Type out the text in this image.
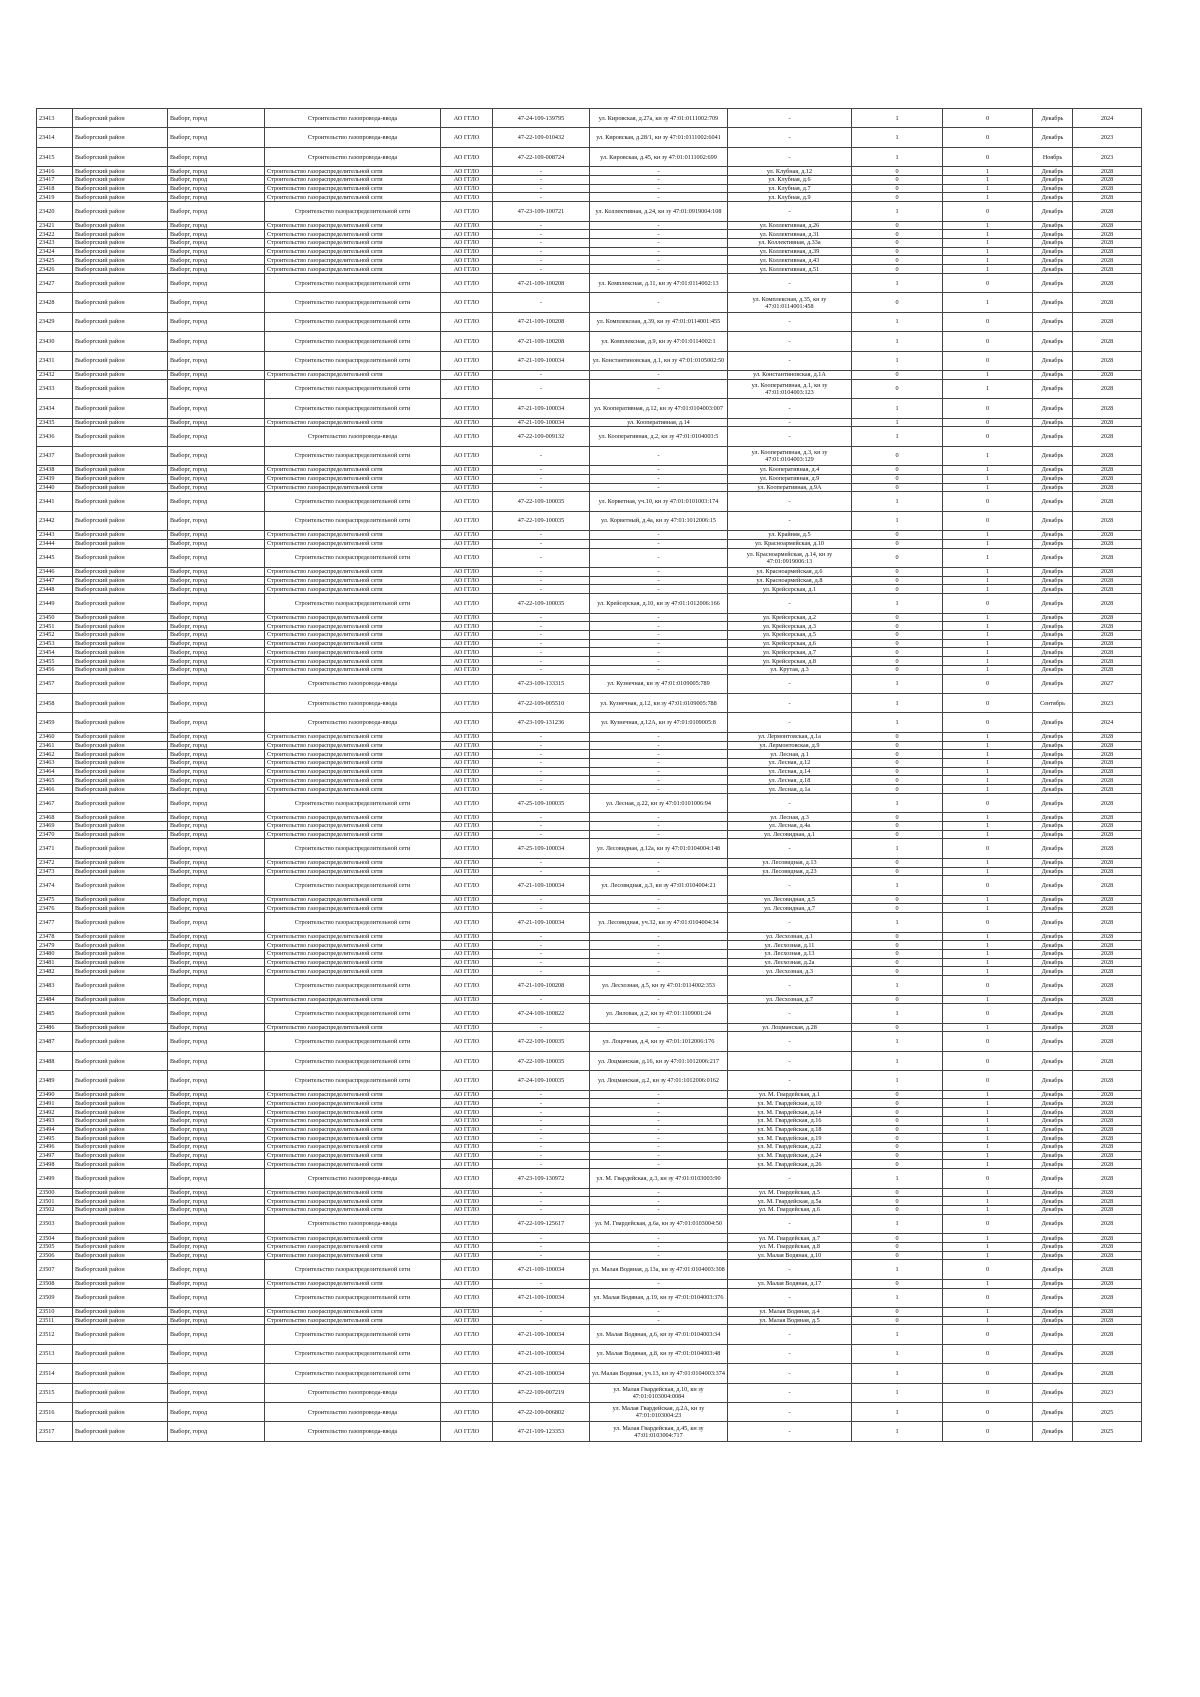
23413	Выборгский район	Выборг, город	Строительство газопровода-ввода	АО ГГЛО	47-24-109-139795	ул. Кировская, д.27а, кн зу 47:01:0111002:709	-	1	0	Декабрь	2024
23414	Выборгский район	Выборг, город	Строительство газопровода-ввода	АО ГГЛО	47-22-109-010432	ул. Кировская, д.28/1, кн зу 47:01:0111002:6041	-	1	0	Декабрь	2023
23415	Выборгский район	Выборг, город	Строительство газопровода-ввода	АО ГГЛО	47-22-109-008724	ул. Кировская, д.45, кн зу 47:01:0111002:699	-	1	0	Ноябрь	2023
23416	Выборгский район	Выборг, город	Строительство газораспределительной сети	АО ГГЛО	-	-	ул. Клубная, д.12	0	1	Декабрь	2028
23417	Выборгский район	Выборг, город	Строительство газораспределительной сети	АО ГГЛО	-	-	ул. Клубная, д.6	0	1	Декабрь	2028
23418	Выборгский район	Выборг, город	Строительство газораспределительной сети	АО ГГЛО	-	-	ул. Клубная, д.7	0	1	Декабрь	2028
23419	Выборгский район	Выборг, город	Строительство газораспределительной сети	АО ГГЛО	-	-	ул. Клубная, д.9	0	1	Декабрь	2028
23420	Выборгский район	Выборг, город	Строительство газораспределительной сети	АО ГГЛО	47-23-109-100721	ул. Коллективная, д.24, кн зу 47:01:0919004:108	-	1	0	Декабрь	2028
23421	Выборгский район	Выборг, город	Строительство газораспределительной сети	АО ГГЛО	-	-	ул. Коллективная, д.26	0	1	Декабрь	2028
23422	Выборгский район	Выборг, город	Строительство газораспределительной сети	АО ГГЛО	-	-	ул. Коллективная, д.31	0	1	Декабрь	2028
23423	Выборгский район	Выборг, город	Строительство газораспределительной сети	АО ГГЛО	-	-	ул. Коллективная, д.33а	0	1	Декабрь	2028
23424	Выборгский район	Выборг, город	Строительство газораспределительной сети	АО ГГЛО	-	-	ул. Коллективная, д.39	0	1	Декабрь	2028
23425	Выборгский район	Выборг, город	Строительство газораспределительной сети	АО ГГЛО	-	-	ул. Коллективная, д.43	0	1	Декабрь	2028
23426	Выборгский район	Выборг, город	Строительство газораспределительной сети	АО ГГЛО	-	-	ул. Коллективная, д.51	0	1	Декабрь	2028
23427	Выборгский район	Выборг, город	Строительство газораспределительной сети	АО ГГЛО	47-21-109-100208	ул. Комплексная, д.11, кн зу 47:01:0114002:13	-	1	0	Декабрь	2028
23428	Выборгский район	Выборг, город	Строительство газораспределительной сети	АО ГГЛО	-	-	ул. Комплексная, д.35, кн зу 47:01:0114001:458	0	1	Декабрь	2028
23429	Выборгский район	Выборг, город	Строительство газораспределительной сети	АО ГГЛО	47-21-109-100208	ул. Комплексная, д.39, кн зу 47:01:0114001:455	-	1	0	Декабрь	2028
23430	Выборгский район	Выборг, город	Строительство газораспределительной сети	АО ГГЛО	47-21-109-100208	ул. Комплексная, д.9, кн зу 47:01:0114002:1	-	1	0	Декабрь	2028
23431	Выборгский район	Выборг, город	Строительство газораспределительной сети	АО ГГЛО	47-21-109-100034	ул. Константиновская, д.1, кн зу 47:01:0105002:50	-	1	0	Декабрь	2028
23432	Выборгский район	Выборг, город	Строительство газораспределительной сети	АО ГГЛО	-	-	ул. Константиновская, д.1А	0	1	Декабрь	2028
23433	Выборгский район	Выборг, город	Строительство газораспределительной сети	АО ГГЛО	-	-	ул. Кооперативная, д.1, кн зу 47:01:0104003:123	0	1	Декабрь	2028
23434	Выборгский район	Выборг, город	Строительство газораспределительной сети	АО ГГЛО	47-21-109-100034	ул. Кооперативная, д.12, кн зу 47:01:0104003:007	-	1	0	Декабрь	2028
23435	Выборгский район	Выборг, город	Строительство газораспределительной сети	АО ГГЛО	47-21-109-100034	ул. Кооперативная, д.14	-	1	0	Декабрь	2028
23436	Выборгский район	Выборг, город	Строительство газопровода-ввода	АО ГГЛО	47-22-109-009132	ул. Кооперативная, д.2, кн зу 47:01:0104003:5	-	1	0	Декабрь	2028
23437	Выборгский район	Выборг, город	Строительство газораспределительной сети	АО ГГЛО	-	-	ул. Кооперативная, д.3, кн зу 47:01:0104003:129	0	1	Декабрь	2028
23438	Выборгский район	Выборг, город	Строительство газораспределительной сети	АО ГГЛО	-	-	ул. Кооперативная, д.4	0	1	Декабрь	2028
23439	Выборгский район	Выборг, город	Строительство газораспределительной сети	АО ГГЛО	-	-	ул. Кооперативная, д.9	0	1	Декабрь	2028
23440	Выборгский район	Выборг, город	Строительство газораспределительной сети	АО ГГЛО	-	-	ул. Кооперативная, д.9А	0	1	Декабрь	2028
23441	Выборгский район	Выборг, город	Строительство газораспределительной сети	АО ГГЛО	47-22-109-100035	ул. Корветная, уч.10, кн зу 47:01:0101003:174	-	1	0	Декабрь	2028
23442	Выборгский район	Выборг, город	Строительство газораспределительной сети	АО ГГЛО	47-22-109-100035	ул. Корветный, д.4а, кн зу 47:01:1012006:15	-	1	0	Декабрь	2028
23443	Выборгский район	Выборг, город	Строительство газораспределительной сети	АО ГГЛО	-	-	ул. Крайняя, д.5	0	1	Декабрь	2028
23444	Выборгский район	Выборг, город	Строительство газораспределительной сети	АО ГГЛО	-	-	ул. Красноармейская, д.10	0	1	Декабрь	2028
23445	Выборгский район	Выборг, город	Строительство газораспределительной сети	АО ГГЛО	-	-	ул. Красноармейская, д.14, кн зу 47:01:0919006:13	0	1	Декабрь	2028
23446	Выборгский район	Выборг, город	Строительство газораспределительной сети	АО ГГЛО	-	-	ул. Красноармейская, д.6	0	1	Декабрь	2028
23447	Выборгский район	Выборг, город	Строительство газораспределительной сети	АО ГГЛО	-	-	ул. Красноармейская, д.8	0	1	Декабрь	2028
23448	Выборгский район	Выборг, город	Строительство газораспределительной сети	АО ГГЛО	-	-	ул. Крейсерская, д.1	0	1	Декабрь	2028
23449	Выборгский район	Выборг, город	Строительство газораспределительной сети	АО ГГЛО	47-22-109-100035	ул. Крейсерская, д.10, кн зу 47:01:1012006:166	-	1	0	Декабрь	2028
23450	Выборгский район	Выборг, город	Строительство газораспределительной сети	АО ГГЛО	-	-	ул. Крейсерская, д.2	0	1	Декабрь	2028
23451	Выборгский район	Выборг, город	Строительство газораспределительной сети	АО ГГЛО	-	-	ул. Крейсерская, д.3	0	1	Декабрь	2028
23452	Выборгский район	Выборг, город	Строительство газораспределительной сети	АО ГГЛО	-	-	ул. Крейсерская, д.5	0	1	Декабрь	2028
23453	Выборгский район	Выборг, город	Строительство газораспределительной сети	АО ГГЛО	-	-	ул. Крейсерская, д.6	0	1	Декабрь	2028
23454	Выборгский район	Выборг, город	Строительство газораспределительной сети	АО ГГЛО	-	-	ул. Крейсерская, д.7	0	1	Декабрь	2028
23455	Выборгский район	Выборг, город	Строительство газораспределительной сети	АО ГГЛО	-	-	ул. Крейсерская, д.8	0	1	Декабрь	2028
23456	Выборгский район	Выборг, город	Строительство газораспределительной сети	АО ГГЛО	-	-	ул. Крутая, д.3	0	1	Декабрь	2028
23457	Выборгский район	Выборг, город	Строительство газопровода-ввода	АО ГГЛО	47-23-109-133315	ул. Кузнечная, кн зу 47:01:0109005:789	-	1	0	Декабрь	2027
23458	Выборгский район	Выборг, город	Строительство газопровода-ввода	АО ГГЛО	47-22-109-005510	ул. Кузнечная, д.12, кн зу 47:01:0109005:788	-	1	0	Сентябрь	2023
23459	Выборгский район	Выборг, город	Строительство газопровода-ввода	АО ГГЛО	47-23-109-131236	ул. Кузнечная, д.12А, кн зу 47:01:0109005:8	-	1	0	Декабрь	2024
23460	Выборгский район	Выборг, город	Строительство газораспределительной сети	АО ГГЛО	-	-	ул. Лермонтовская, д.1а	0	1	Декабрь	2028
23461	Выборгский район	Выборг, город	Строительство газораспределительной сети	АО ГГЛО	-	-	ул. Лермонтовская, д.9	0	1	Декабрь	2028
23462	Выборгский район	Выборг, город	Строительство газораспределительной сети	АО ГГЛО	-	-	ул. Лесная, д.1	0	1	Декабрь	2028
23463	Выборгский район	Выборг, город	Строительство газораспределительной сети	АО ГГЛО	-	-	ул. Лесная, д.12	0	1	Декабрь	2028
23464	Выборгский район	Выборг, город	Строительство газораспределительной сети	АО ГГЛО	-	-	ул. Лесная, д.14	0	1	Декабрь	2028
23465	Выборгский район	Выборг, город	Строительство газораспределительной сети	АО ГГЛО	-	-	ул. Лесная, д.18	0	1	Декабрь	2028
23466	Выборгский район	Выборг, город	Строительство газораспределительной сети	АО ГГЛО	-	-	ул. Лесная, д.1а	0	1	Декабрь	2028
23467	Выборгский район	Выборг, город	Строительство газораспределительной сети	АО ГГЛО	47-25-109-100035	ул. Лесная, д.22, кн зу 47:01:0101006:94	-	1	0	Декабрь	2028
23468	Выборгский район	Выборг, город	Строительство газораспределительной сети	АО ГГЛО	-	-	ул. Лесная, д.3	0	1	Декабрь	2028
23469	Выборгский район	Выборг, город	Строительство газораспределительной сети	АО ГГЛО	-	-	ул. Лесная, д.4а	0	1	Декабрь	2028
23470	Выборгский район	Выборг, город	Строительство газораспределительной сети	АО ГГЛО	-	-	ул. Лесовидная, д.1	0	1	Декабрь	2028
23471	Выборгский район	Выборг, город	Строительство газораспределительной сети	АО ГГЛО	47-25-109-100034	ул. Лесовидная, д.12а, кн зу 47:01:0104004:148	-	1	0	Декабрь	2028
23472	Выборгский район	Выборг, город	Строительство газораспределительной сети	АО ГГЛО	-	-	ул. Лесовидная, д.13	0	1	Декабрь	2028
23473	Выборгский район	Выборг, город	Строительство газораспределительной сети	АО ГГЛО	-	-	ул. Лесовидная, д.23	0	1	Декабрь	2028
23474	Выборгский район	Выборг, город	Строительство газораспределительной сети	АО ГГЛО	47-21-109-100034	ул. Лесовидная, д.3, кн зу 47:01:0104004:21	-	1	0	Декабрь	2028
23475	Выборгский район	Выборг, город	Строительство газораспределительной сети	АО ГГЛО	-	-	ул. Лесовидная, д.5	0	1	Декабрь	2028
23476	Выборгский район	Выборг, город	Строительство газораспределительной сети	АО ГГЛО	-	-	ул. Лесовидная, д.7	0	1	Декабрь	2028
23477	Выборгский район	Выборг, город	Строительство газораспределительной сети	АО ГГЛО	47-21-109-100034	ул. Лесовидная, уч.32, кн зу 47:01:0104004:34	-	1	0	Декабрь	2028
23478	Выборгский район	Выборг, город	Строительство газораспределительной сети	АО ГГЛО	-	-	ул. Лесхозная, д.1	0	1	Декабрь	2028
23479	Выборгский район	Выборг, город	Строительство газораспределительной сети	АО ГГЛО	-	-	ул. Лесхозная, д.11	0	1	Декабрь	2028
23480	Выборгский район	Выборг, город	Строительство газораспределительной сети	АО ГГЛО	-	-	ул. Лесхозная, д.13	0	1	Декабрь	2028
23481	Выборгский район	Выборг, город	Строительство газораспределительной сети	АО ГГЛО	-	-	ул. Лесхозная, д.2а	0	1	Декабрь	2028
23482	Выборгский район	Выборг, город	Строительство газораспределительной сети	АО ГГЛО	-	-	ул. Лесхозная, д.3	0	1	Декабрь	2028
23483	Выборгский район	Выборг, город	Строительство газораспределительной сети	АО ГГЛО	47-21-109-100208	ул. Лесхозная, д.5, кн зу 47:01:0114002:353	-	1	0	Декабрь	2028
23484	Выборгский район	Выборг, город	Строительство газораспределительной сети	АО ГГЛО	-	-	ул. Лесхозная, д.7	0	1	Декабрь	2028
23485	Выборгский район	Выборг, город	Строительство газораспределительной сети	АО ГГЛО	47-24-109-100822	ул. Лиловая, д.2, кн зу 47:01:1109001:24	-	1	0	Декабрь	2028
23486	Выборгский район	Выборг, город	Строительство газораспределительной сети	АО ГГЛО	-	-	ул. Лоцманская, д.28	0	1	Декабрь	2028
23487	Выборгский район	Выборг, город	Строительство газораспределительной сети	АО ГГЛО	47-22-109-100035	ул. Лоцочная, д.4, кн зу 47:01:1012006:176	-	1	0	Декабрь	2028
23488	Выборгский район	Выборг, город	Строительство газораспределительной сети	АО ГГЛО	47-22-109-100035	ул. Лоцманская, д.16, кн зу 47:01:1012006:217	-	1	0	Декабрь	2028
23489	Выборгский район	Выборг, город	Строительство газораспределительной сети	АО ГГЛО	47-24-109-100035	ул. Лоцманская, д.2, кн зу 47:01:1012006:0162	-	1	0	Декабрь	2028
23490	Выборгский район	Выборг, город	Строительство газораспределительной сети	АО ГГЛО	-	-	ул. М. Гвардейская, д.1	0	1	Декабрь	2028
23491	Выборгский район	Выборг, город	Строительство газораспределительной сети	АО ГГЛО	-	-	ул. М. Гвардейская, д.10	0	1	Декабрь	2028
23492	Выборгский район	Выборг, город	Строительство газораспределительной сети	АО ГГЛО	-	-	ул. М. Гвардейская, д.14	0	1	Декабрь	2028
23493	Выборгский район	Выборг, город	Строительство газораспределительной сети	АО ГГЛО	-	-	ул. М. Гвардейская, д.16	0	1	Декабрь	2028
23494	Выборгский район	Выборг, город	Строительство газораспределительной сети	АО ГГЛО	-	-	ул. М. Гвардейская, д.18	0	1	Декабрь	2028
23495	Выборгский район	Выборг, город	Строительство газораспределительной сети	АО ГГЛО	-	-	ул. М. Гвардейская, д.19	0	1	Декабрь	2028
23496	Выборгский район	Выборг, город	Строительство газораспределительной сети	АО ГГЛО	-	-	ул. М. Гвардейская, д.22	0	1	Декабрь	2028
23497	Выборгский район	Выборг, город	Строительство газораспределительной сети	АО ГГЛО	-	-	ул. М. Гвардейская, д.24	0	1	Декабрь	2028
23498	Выборгский район	Выборг, город	Строительство газораспределительной сети	АО ГГЛО	-	-	ул. М. Гвардейская, д.26	0	1	Декабрь	2028
23499	Выборгский район	Выборг, город	Строительство газопровода-ввода	АО ГГЛО	47-23-109-130972	ул. М. Гвардейская, д.3, кн зу 47:01:0103003:90	-	1	0	Декабрь	2028
23500	Выборгский район	Выборг, город	Строительство газораспределительной сети	АО ГГЛО	-	-	ул. М. Гвардейская, д.5	0	1	Декабрь	2028
23501	Выборгский район	Выборг, город	Строительство газораспределительной сети	АО ГГЛО	-	-	ул. М. Гвардейская, д.5а	0	1	Декабрь	2028
23502	Выборгский район	Выборг, город	Строительство газораспределительной сети	АО ГГЛО	-	-	ул. М. Гвардейская, д.6	0	1	Декабрь	2028
23503	Выборгский район	Выборг, город	Строительство газопровода-ввода	АО ГГЛО	47-22-109-125617	ул. М. Гвардейская, д.6а, кн зу 47:01:0103004:50	-	1	0	Декабрь	2028
23504	Выборгский район	Выборг, город	Строительство газораспределительной сети	АО ГГЛО	-	-	ул. М. Гвардейская, д.7	0	1	Декабрь	2028
23505	Выборгский район	Выборг, город	Строительство газораспределительной сети	АО ГГЛО	-	-	ул. М. Гвардейская, д.8	0	1	Декабрь	2028
23506	Выборгский район	Выборг, город	Строительство газораспределительной сети	АО ГГЛО	-	-	ул. Малая Водяная, д.10	0	1	Декабрь	2028
23507	Выборгский район	Выборг, город	Строительство газораспределительной сети	АО ГГЛО	47-21-109-100034	ул. Малая Водяная, д.13а, кн зу 47:01:0104003:308	-	1	0	Декабрь	2028
23508	Выборгский район	Выборг, город	Строительство газораспределительной сети	АО ГГЛО	-	-	ул. Малая Водяная, д.17	0	1	Декабрь	2028
23509	Выборгский район	Выборг, город	Строительство газораспределительной сети	АО ГГЛО	47-21-109-100034	ул. Малая Водяная, д.19, кн зу 47:01:0104003:376	-	1	0	Декабрь	2028
23510	Выборгский район	Выборг, город	Строительство газораспределительной сети	АО ГГЛО	-	-	ул. Малая Водяная, д.4	0	1	Декабрь	2028
23511	Выборгский район	Выборг, город	Строительство газораспределительной сети	АО ГГЛО	-	-	ул. Малая Водяная, д.5	0	1	Декабрь	2028
23512	Выборгский район	Выборг, город	Строительство газораспределительной сети	АО ГГЛО	47-21-109-100034	ул. Малая Водяная, д.6, кн зу 47:01:0104003:34	-	1	0	Декабрь	2028
23513	Выборгский район	Выборг, город	Строительство газораспределительной сети	АО ГГЛО	47-21-109-100034	ул. Малая Водяная, д.8, кн зу 47:01:0104003:48	-	1	0	Декабрь	2028
23514	Выборгский район	Выборг, город	Строительство газораспределительной сети	АО ГГЛО	47-21-109-100034	ул. Малая Водяная, уч.13, кн зу 47:01:0104003:374	-	1	0	Декабрь	2028
23515	Выборгский район	Выборг, город	Строительство газопровода-ввода	АО ГГЛО	47-22-109-007219	ул. Малая Гвардейская, д.10, кн зу 47:01:0103004:0084	-	1	0	Декабрь	2023
23516	Выборгский район	Выборг, город	Строительство газопровода-ввода	АО ГГЛО	47-22-109-006802	ул. Малая Гвардейская, д.2А, кн зу 47:01:0103004:23	-	1	0	Декабрь	2025
23517	Выборгский район	Выборг, город	Строительство газопровода-ввода	АО ГГЛО	47-21-109-123353	ул. Малая Гвардейская, д.45, кн зу 47:01:0103004:717	-	1	0	Декабрь	2025
